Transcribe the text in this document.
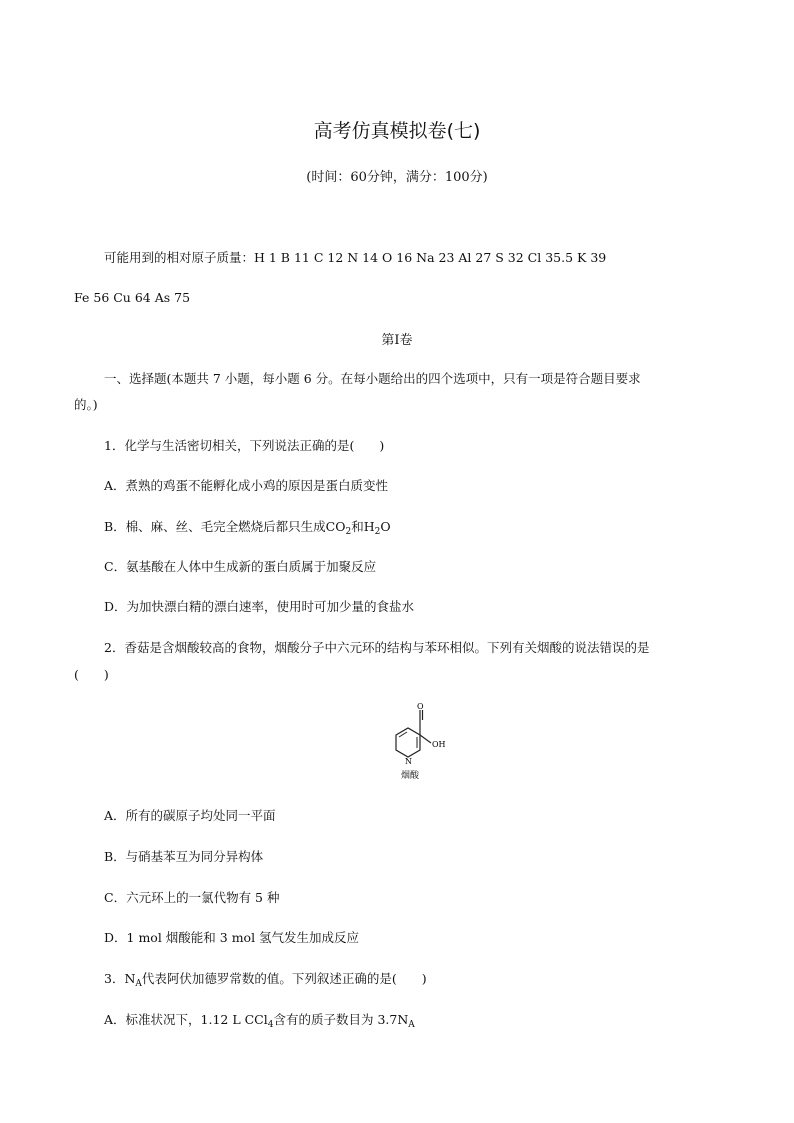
高考仿真模拟卷(七)
(时间：60分钟，满分：100分)
可能用到的相对原子质量：H 1 B 11 C 12 N 14 O 16 Na 23 Al 27 S 32 Cl 35.5 K 39
Fe 56 Cu 64 As 75
第Ⅰ卷
一、选择题(本题共 7 小题，每小题 6 分。在每小题给出的四个选项中，只有一项是符合题目要求
的。)
1．化学与生活密切相关，下列说法正确的是(　　)
A．煮熟的鸡蛋不能孵化成小鸡的原因是蛋白质变性
B．棉、麻、丝、毛完全燃烧后都只生成$CO_2$和$H_2O$
C．氨基酸在人体中生成新的蛋白质属于加聚反应
D．为加快漂白精的漂白速率，使用时可加少量的食盐水
2．香菇是含烟酸较高的食物，烟酸分子中六元环的结构与苯环相似。下列有关烟酸的说法错误的是
(　　)
O
OH
N
烟酸
A．所有的碳原子均处同一平面
B．与硝基苯互为同分异构体
C．六元环上的一氯代物有 5 种
D．1 mol 烟酸能和 3 mol 氢气发生加成反应
3．$N_A$代表阿伏加德罗常数的值。下列叙述正确的是(　　)
A．标准状况下，1.12 L CCl$_4$含有的质子数目为 $3.7N_A$
